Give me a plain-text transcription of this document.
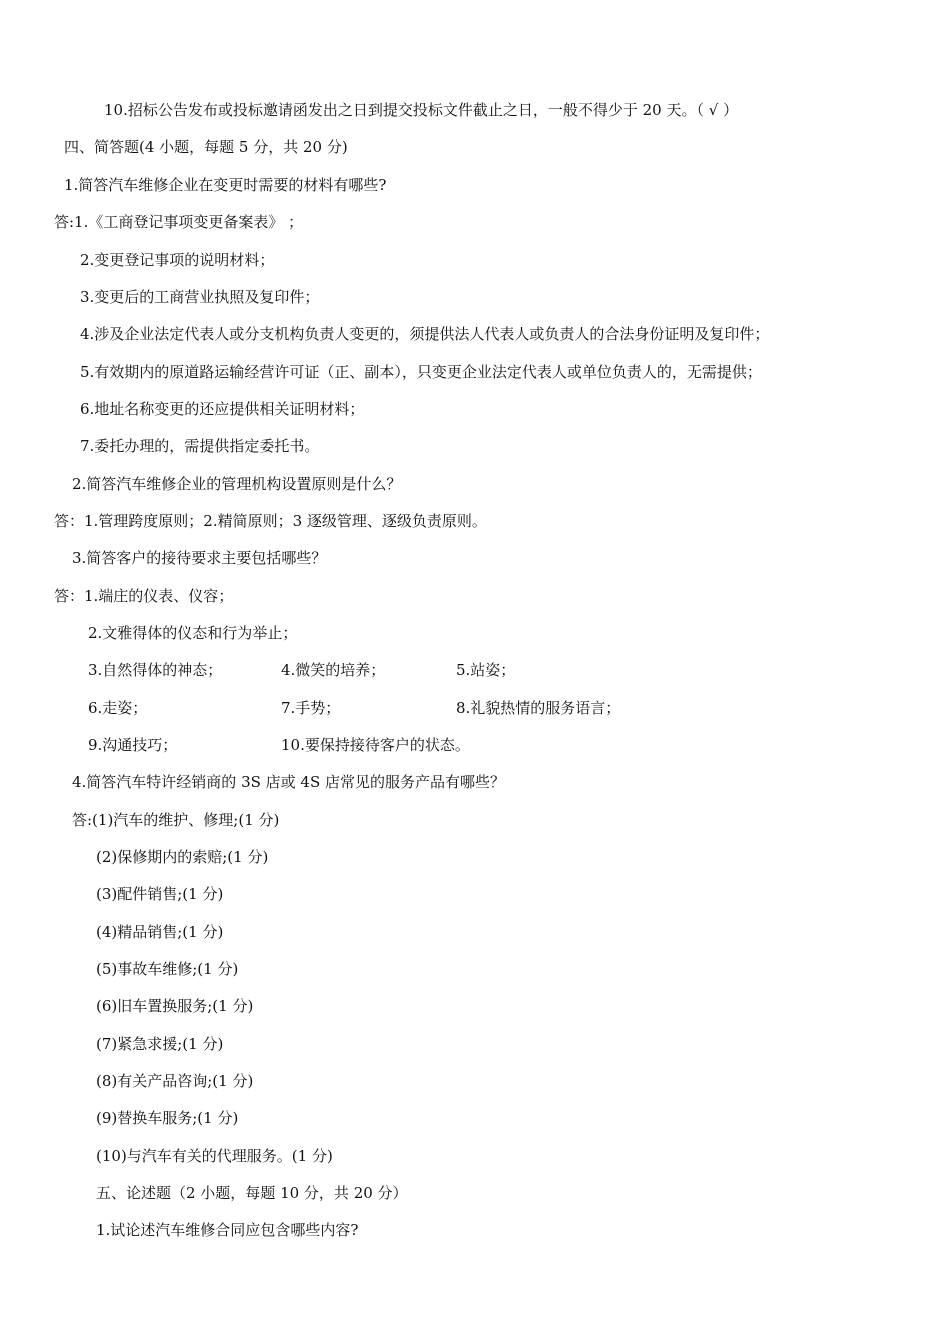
10.招标公告发布或投标邀请函发出之日到提交投标文件截止之日，一般不得少于 20 天。（ √ ）
四、简答题(4 小题，每题 5 分，共 20 分)
1.简答汽车维修企业在变更时需要的材料有哪些?
答:1.《工商登记事项变更备案表》 ；
2.变更登记事项的说明材料；
3.变更后的工商营业执照及复印件；
4.涉及企业法定代表人或分支机构负责人变更的，须提供法人代表人或负责人的合法身份证明及复印件；
5.有效期内的原道路运输经营许可证（正、副本），只变更企业法定代表人或单位负责人的，无需提供；
6.地址名称变更的还应提供相关证明材料；
7.委托办理的，需提供指定委托书。
2.简答汽车维修企业的管理机构设置原则是什么？
答：1.管理跨度原则；2.精简原则；3 逐级管理、逐级负责原则。
3.简答客户的接待要求主要包括哪些？
答：1.端庄的仪表、仪容；
2.文雅得体的仪态和行为举止；
3.自然得体的神态；	4.微笑的培养；	5.站姿；
6.走姿；	7.手势；	8.礼貌热情的服务语言；
9.沟通技巧；	10.要保持接待客户的状态。
4.简答汽车特许经销商的 3S 店或 4S 店常见的服务产品有哪些？
答:(1)汽车的维护、修理;(1 分)
(2)保修期内的索赔;(1 分)
(3)配件销售;(1 分)
(4)精品销售;(1 分)
(5)事故车维修;(1 分)
(6)旧车置换服务;(1 分)
(7)紧急求援;(1 分)
(8)有关产品咨询;(1 分)
(9)替换车服务;(1 分)
(10)与汽车有关的代理服务。(1 分)
五、论述题（2 小题，每题 10 分，共 20 分）
1.试论述汽车维修合同应包含哪些内容?
